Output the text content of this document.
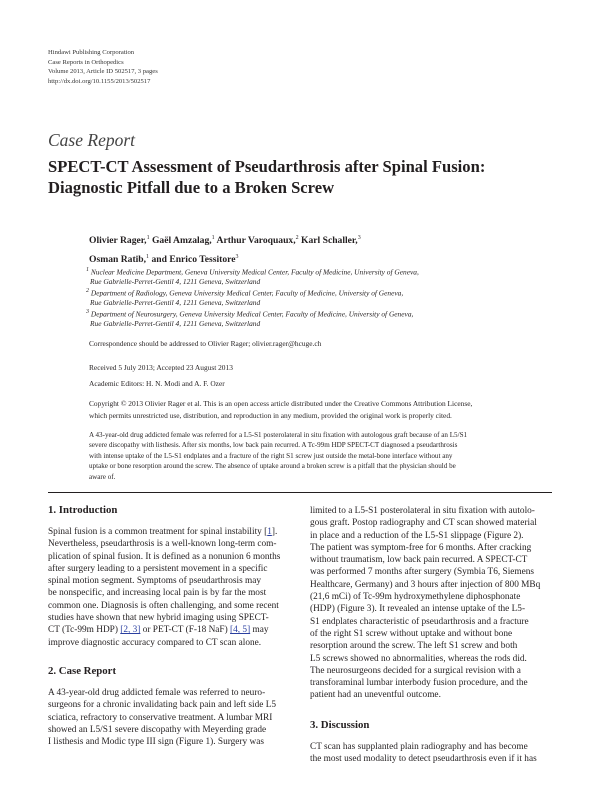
Hindawi Publishing Corporation
Case Reports in Orthopedics
Volume 2013, Article ID 502517, 3 pages
http://dx.doi.org/10.1155/2013/502517
Case Report
SPECT-CT Assessment of Pseudarthrosis after Spinal Fusion:
Diagnostic Pitfall due to a Broken Screw
Olivier Rager,$^1$ Gaël Amzalag,$^1$ Arthur Varoquaux,$^2$ Karl Schaller,$^3$
Osman Ratib,$^1$ and Enrico Tessitore$^3$
$^1$ Nuclear Medicine Department, Geneva University Medical Center, Faculty of Medicine, University of Geneva,
Rue Gabrielle-Perret-Gentil 4, 1211 Geneva, Switzerland
$^2$ Department of Radiology, Geneva University Medical Center, Faculty of Medicine, University of Geneva,
Rue Gabrielle-Perret-Gentil 4, 1211 Geneva, Switzerland
$^3$ Department of Neurosurgery, Geneva University Medical Center, Faculty of Medicine, University of Geneva,
Rue Gabrielle-Perret-Gentil 4, 1211 Geneva, Switzerland
Correspondence should be addressed to Olivier Rager; olivier.rager@hcuge.ch
Received 5 July 2013; Accepted 23 August 2013
Academic Editors: H. N. Modi and A. F. Ozer
Copyright © 2013 Olivier Rager et al. This is an open access article distributed under the Creative Commons Attribution License,
which permits unrestricted use, distribution, and reproduction in any medium, provided the original work is properly cited.
A 43-year-old drug addicted female was referred for a L5-S1 posterolateral in situ fixation with autologous graft because of an L5/S1
severe discopathy with listhesis. After six months, low back pain recurred. A Tc-99m HDP SPECT-CT diagnosed a pseudarthrosis
with intense uptake of the L5-S1 endplates and a fracture of the right S1 screw just outside the metal-bone interface without any
uptake or bone resorption around the screw. The absence of uptake around a broken screw is a pitfall that the physician should be
aware of.
1. Introduction
Spinal fusion is a common treatment for spinal instability [1].
Nevertheless, pseudarthrosis is a well-known long-term com-
plication of spinal fusion. It is defined as a nonunion 6 months
after surgery leading to a persistent movement in a specific
spinal motion segment. Symptoms of pseudarthrosis may
be nonspecific, and increasing local pain is by far the most
common one. Diagnosis is often challenging, and some recent
studies have shown that new hybrid imaging using SPECT-
CT (Tc-99m HDP) [2, 3] or PET-CT (F-18 NaF) [4, 5] may
improve diagnostic accuracy compared to CT scan alone.
2. Case Report
A 43-year-old drug addicted female was referred to neuro-
surgeons for a chronic invalidating back pain and left side L5
sciatica, refractory to conservative treatment. A lumbar MRI
showed an L5/S1 severe discopathy with Meyerding grade
I listhesis and Modic type III sign (Figure 1). Surgery was
limited to a L5-S1 posterolateral in situ fixation with autolo-
gous graft. Postop radiography and CT scan showed material
in place and a reduction of the L5-S1 slippage (Figure 2).
The patient was symptom-free for 6 months. After cracking
without traumatism, low back pain recurred. A SPECT-CT
was performed 7 months after surgery (Symbia T6, Siemens
Healthcare, Germany) and 3 hours after injection of 800 MBq
(21,6 mCi) of Tc-99m hydroxymethylene diphosphonate
(HDP) (Figure 3). It revealed an intense uptake of the L5-
S1 endplates characteristic of pseudarthrosis and a fracture
of the right S1 screw without uptake and without bone
resorption around the screw. The left S1 screw and both
L5 screws showed no abnormalities, whereas the rods did.
The neurosurgeons decided for a surgical revision with a
transforaminal lumbar interbody fusion procedure, and the
patient had an uneventful outcome.
3. Discussion
CT scan has supplanted plain radiography and has become
the most used modality to detect pseudarthrosis even if it has
